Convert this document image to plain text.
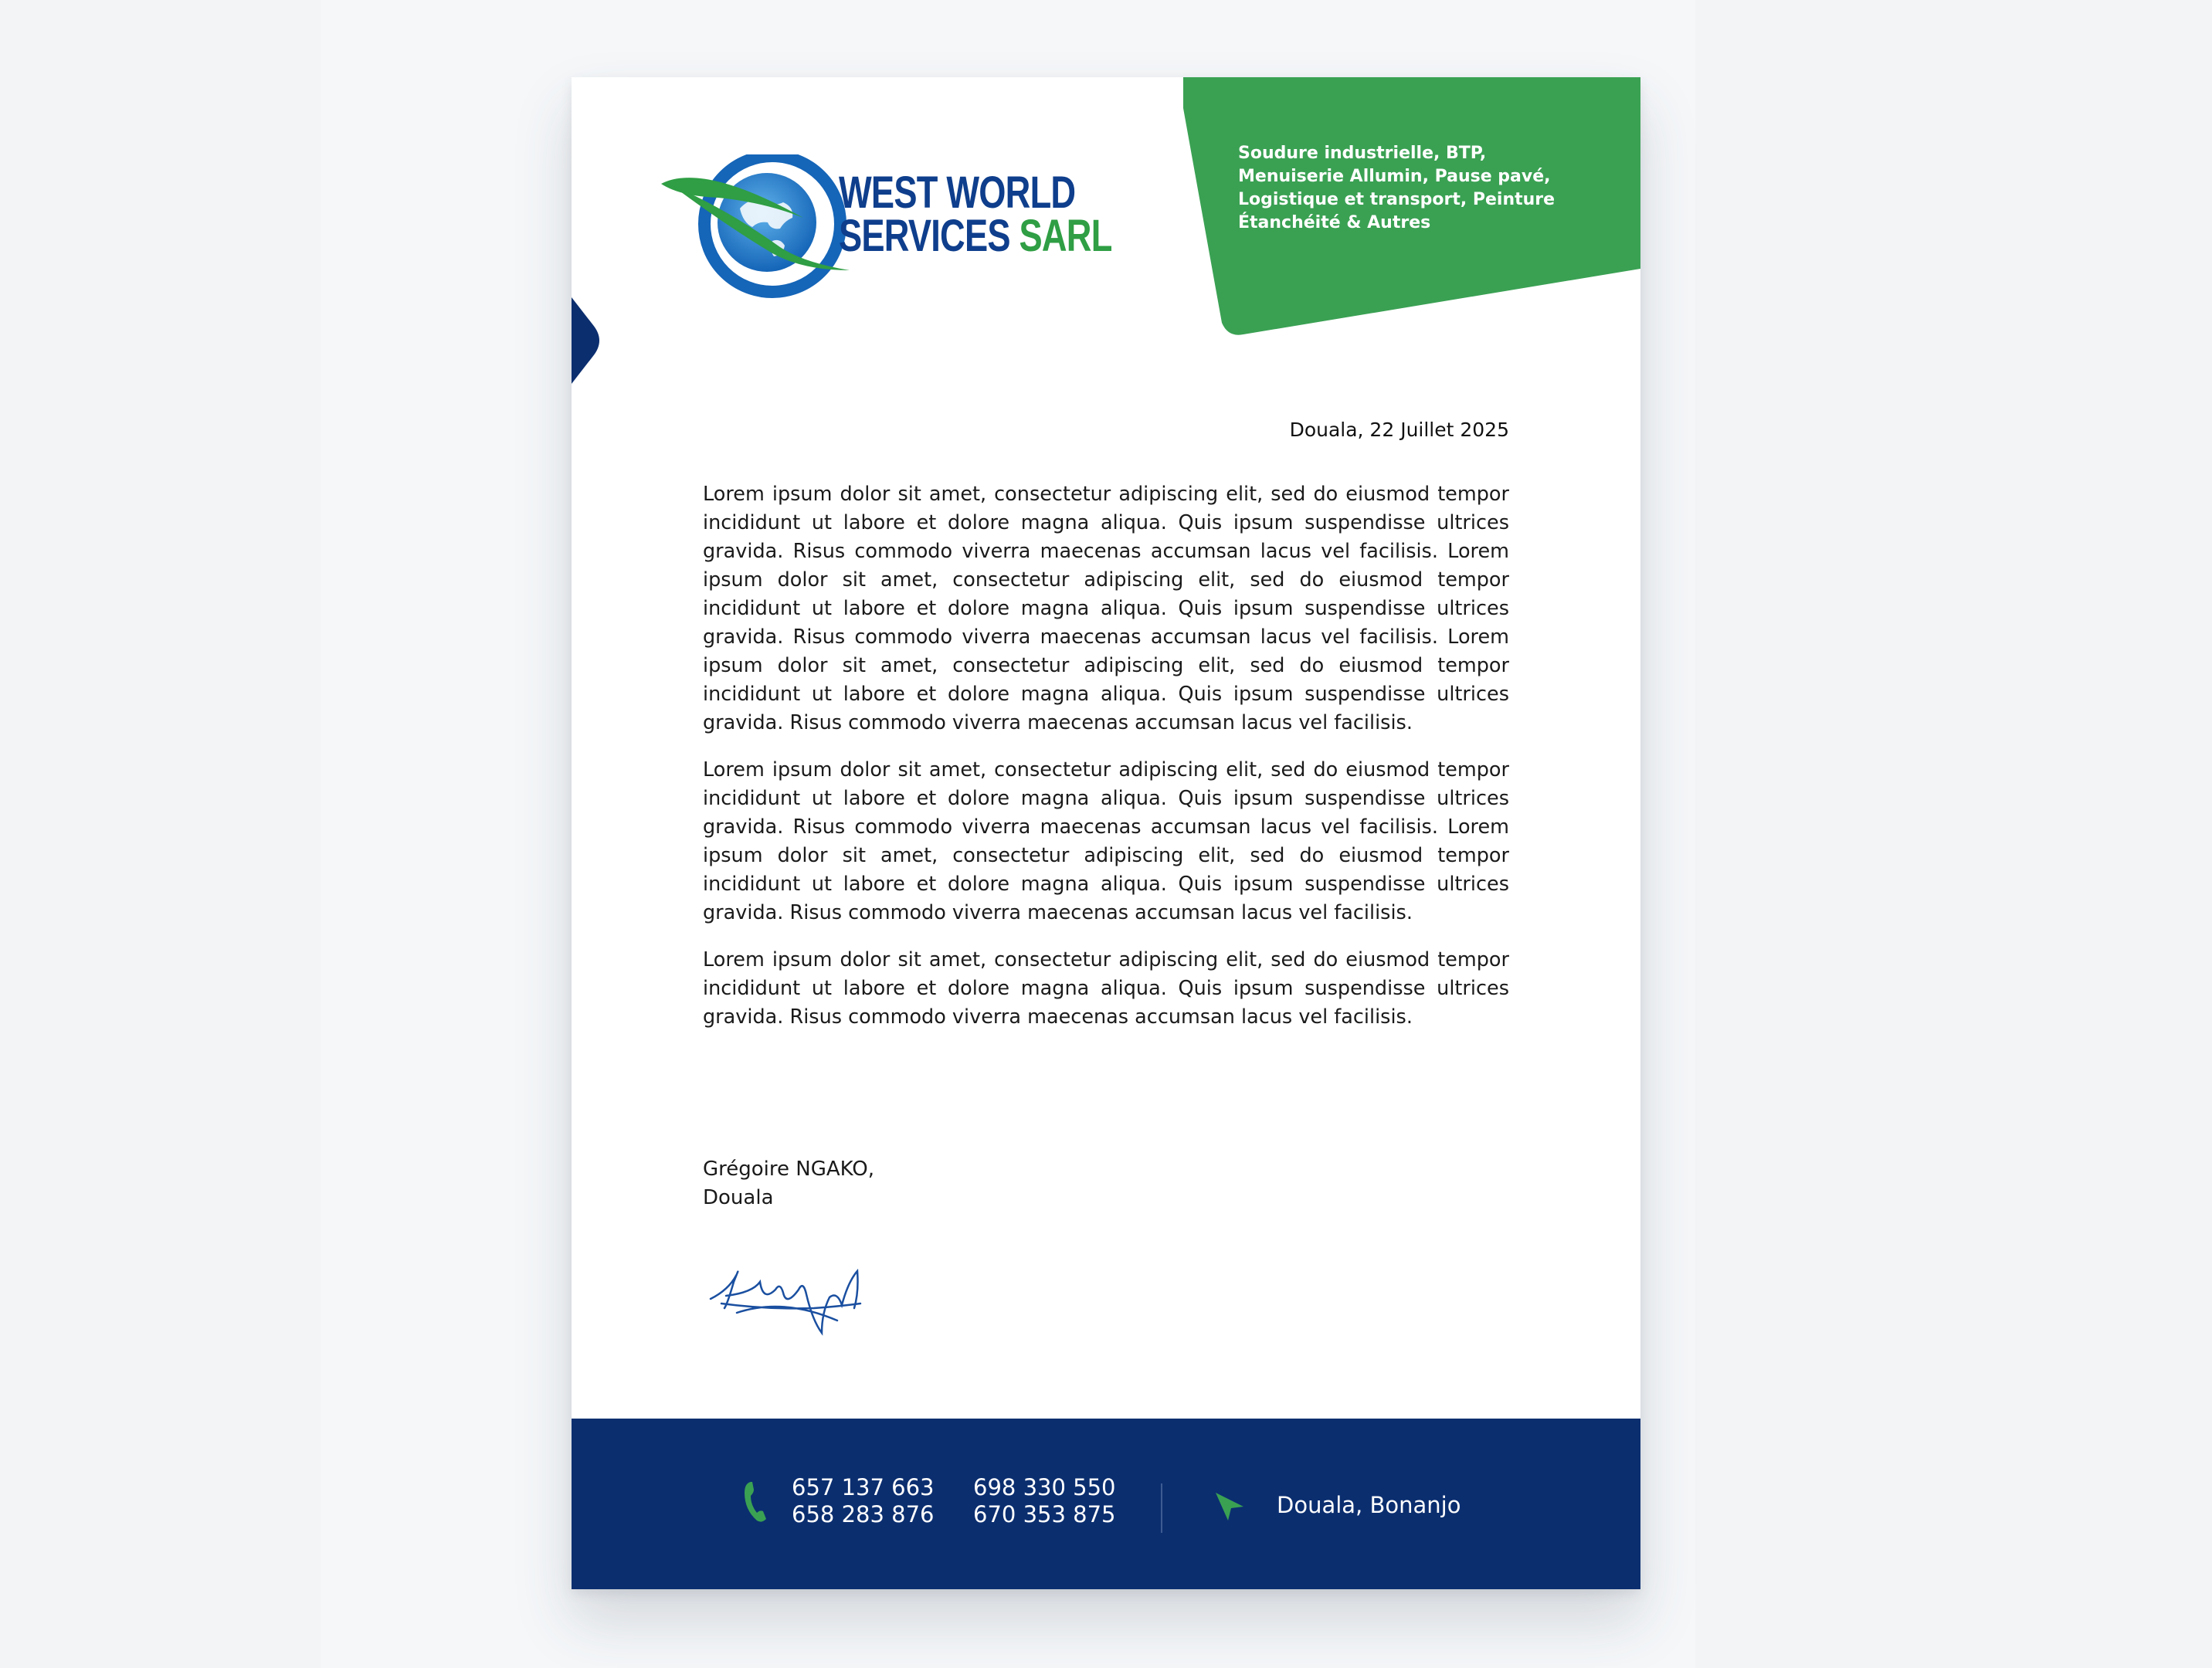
Soudure industrielle, BTP,
Menuiserie Allumin, Pause pavé,
Logistique et transport, Peinture
Étanchéité & Autres

WEST WORLD
SERVICES SARL

Douala, 22 Juillet 2025

Lorem ipsum dolor sit amet, consectetur adipiscing elit, sed do eiusmod tempor incididunt ut labore et dolore magna aliqua. Quis ipsum suspendisse ultrices gravida. Risus commodo viverra maecenas accumsan lacus vel facilisis. Lorem ipsum dolor sit amet, consectetur adipiscing elit, sed do eiusmod tempor incididunt ut labore et dolore magna aliqua. Quis ipsum suspendisse ultrices gravida. Risus commodo viverra maecenas accumsan lacus vel facilisis. Lorem ipsum dolor sit amet, consectetur adipiscing elit, sed do eiusmod tempor incididunt ut labore et dolore magna aliqua. Quis ipsum suspendisse ultrices gravida. Risus commodo viverra maecenas accumsan lacus vel facilisis.

Lorem ipsum dolor sit amet, consectetur adipiscing elit, sed do eiusmod tempor incididunt ut labore et dolore magna aliqua. Quis ipsum suspendisse ultrices gravida. Risus commodo viverra maecenas accumsan lacus vel facilisis. Lorem ipsum dolor sit amet, consectetur adipiscing elit, sed do eiusmod tempor incididunt ut labore et dolore magna aliqua. Quis ipsum suspendisse ultrices gravida. Risus commodo viverra maecenas accumsan lacus vel facilisis.

Lorem ipsum dolor sit amet, consectetur adipiscing elit, sed do eiusmod tempor incididunt ut labore et dolore magna aliqua. Quis ipsum suspendisse ultrices gravida. Risus commodo viverra maecenas accumsan lacus vel facilisis.

Grégoire NGAKO,
Douala
657 137 663
658 283 876
698 330 550
670 353 875	Douala, Bonanjo
